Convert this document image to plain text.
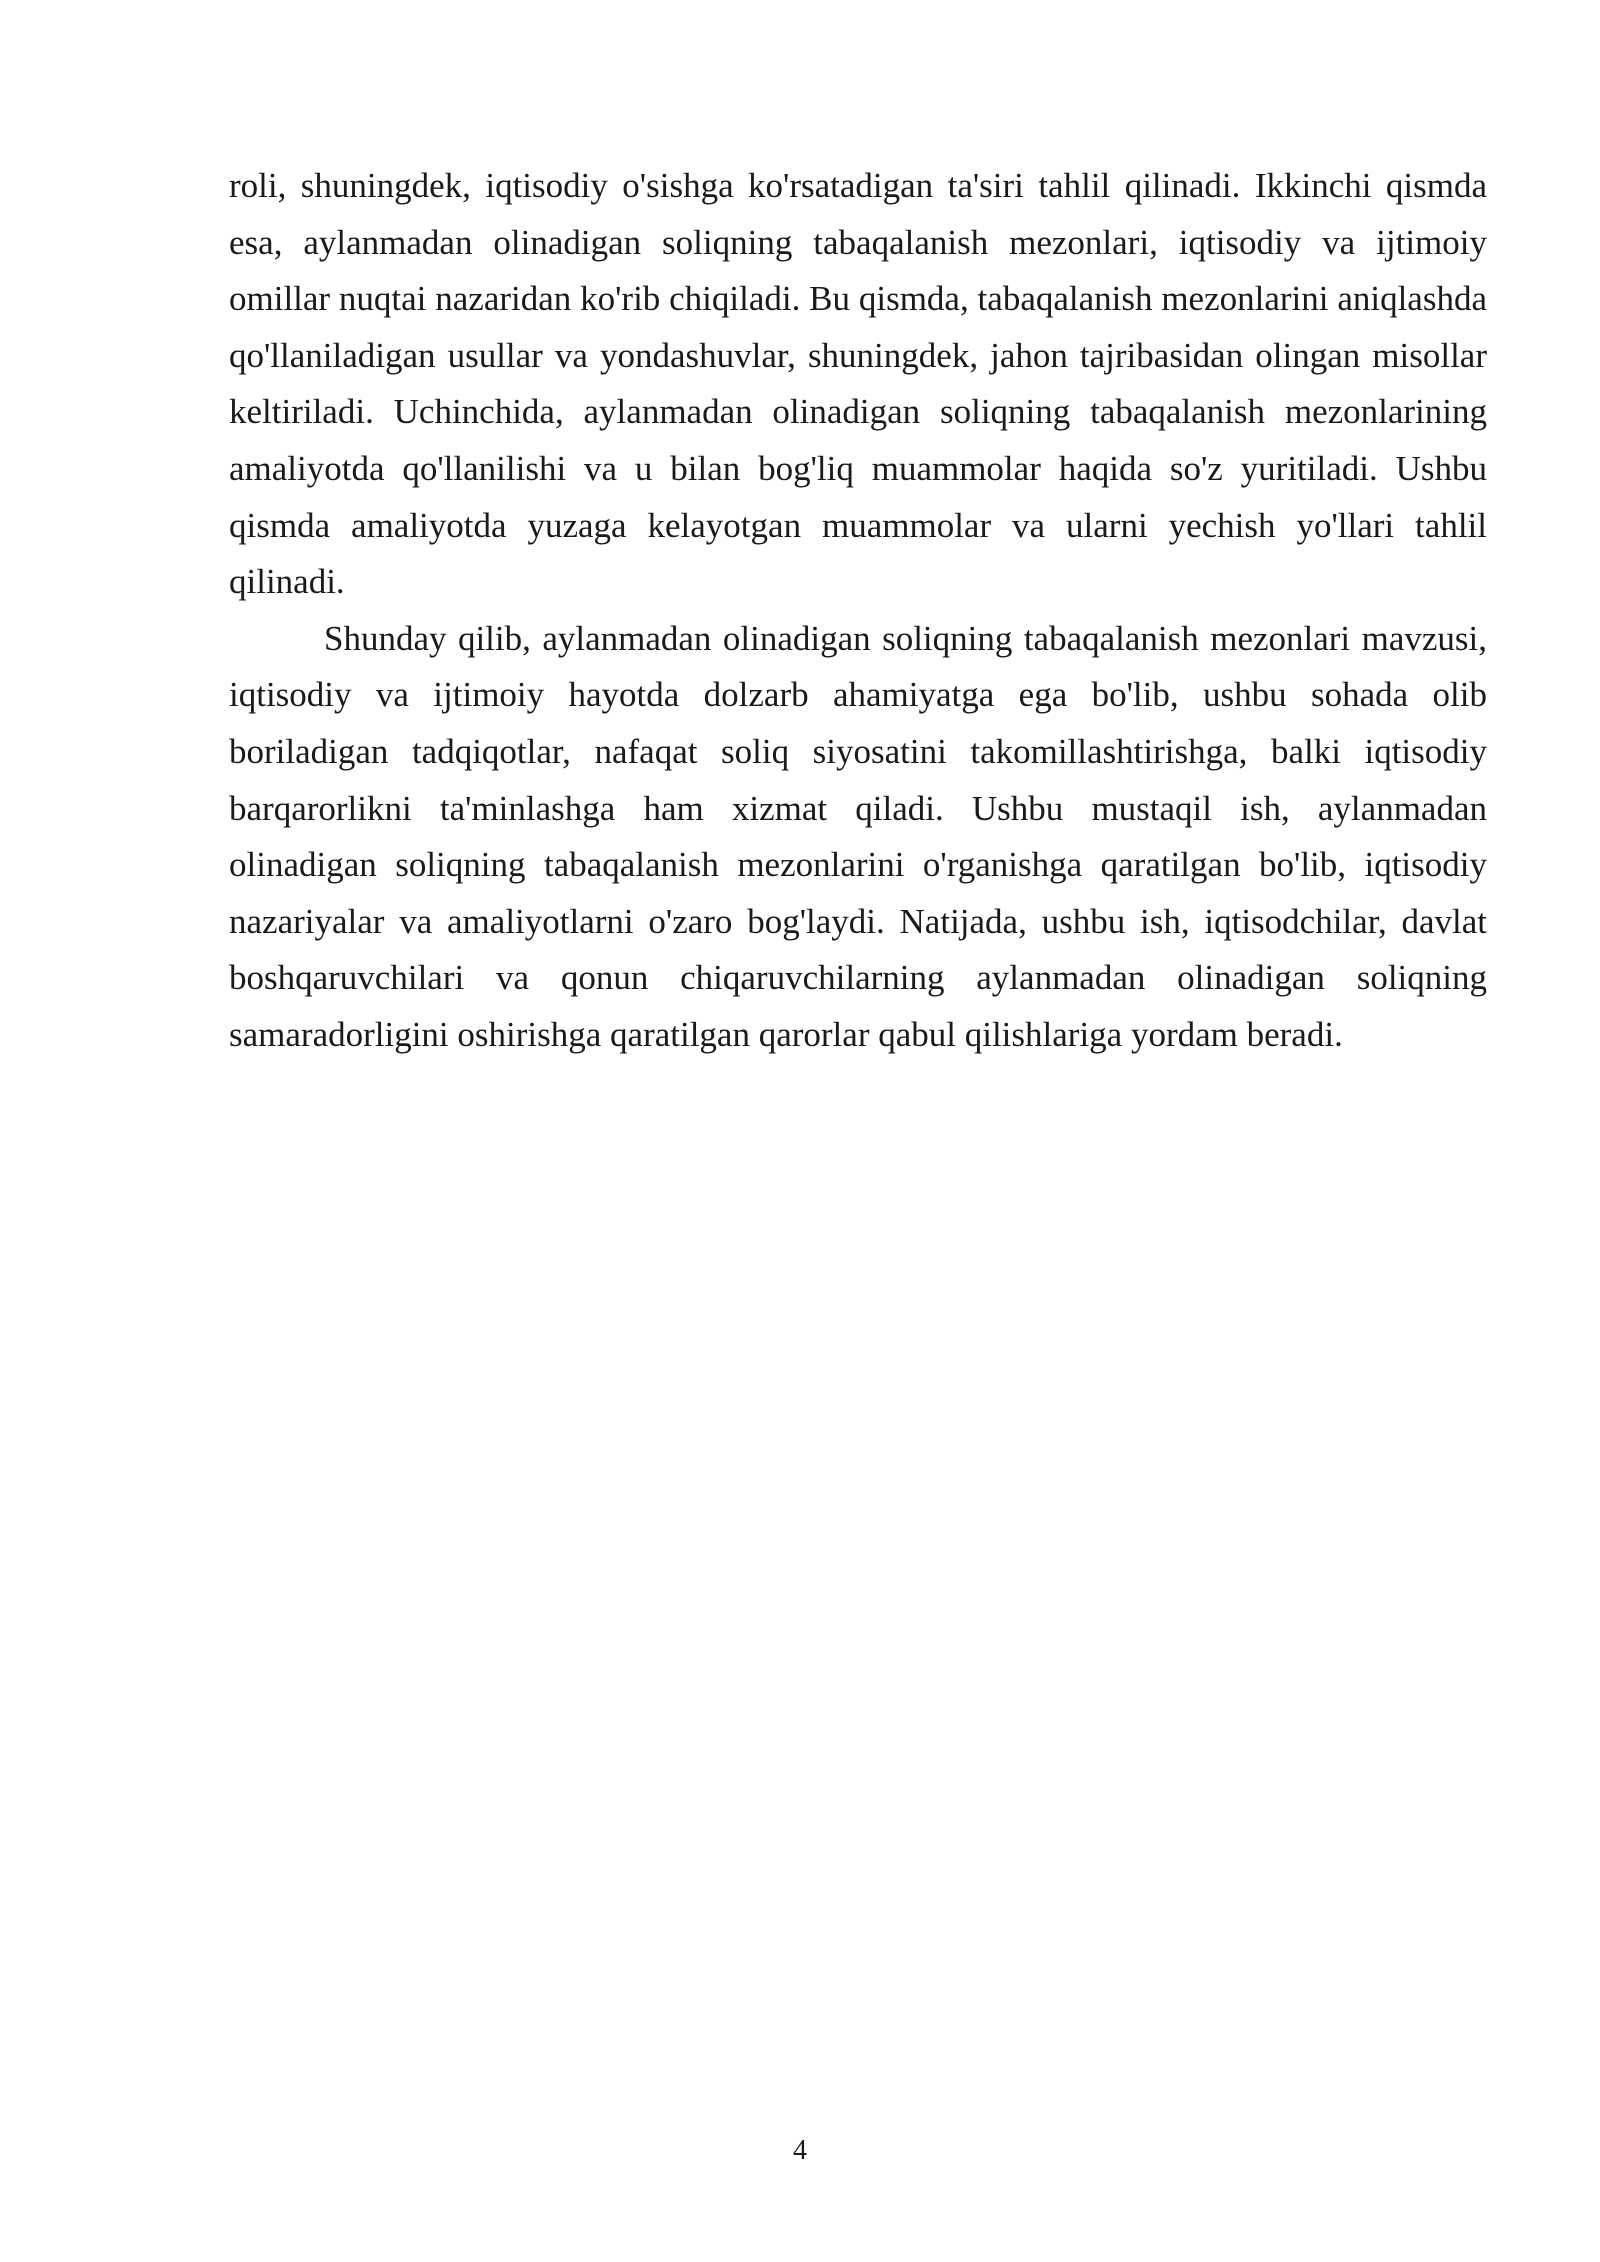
roli, shuningdek, iqtisodiy o'sishga ko'rsatadigan ta'siri tahlil qilinadi. Ikkinchi qismda esa, aylanmadan olinadigan soliqning tabaqalanish mezonlari, iqtisodiy va ijtimoiy omillar nuqtai nazaridan ko'rib chiqiladi. Bu qismda, tabaqalanish mezonlarini aniqlashda qo'llaniladigan usullar va yondashuvlar, shuningdek, jahon tajribasidan olingan misollar keltiriladi. Uchinchida, aylanmadan olinadigan soliqning tabaqalanish mezonlarining amaliyotda qo'llanilishi va u bilan bog'liq muammolar haqida so'z yuritiladi. Ushbu qismda amaliyotda yuzaga kelayotgan muammolar va ularni yechish yo'llari tahlil qilinadi.

Shunday qilib, aylanmadan olinadigan soliqning tabaqalanish mezonlari mavzusi, iqtisodiy va ijtimoiy hayotda dolzarb ahamiyatga ega bo'lib, ushbu sohada olib boriladigan tadqiqotlar, nafaqat soliq siyosatini takomillashtirishga, balki iqtisodiy barqarorlikni ta'minlashga ham xizmat qiladi. Ushbu mustaqil ish, aylanmadan olinadigan soliqning tabaqalanish mezonlarini o'rganishga qaratilgan bo'lib, iqtisodiy nazariyalar va amaliyotlarni o'zaro bog'laydi. Natijada, ushbu ish, iqtisodchilar, davlat boshqaruvchilari va qonun chiqaruvchilarning aylanmadan olinadigan soliqning samaradorligini oshirishga qaratilgan qarorlar qabul qilishlariga yordam beradi.

4
